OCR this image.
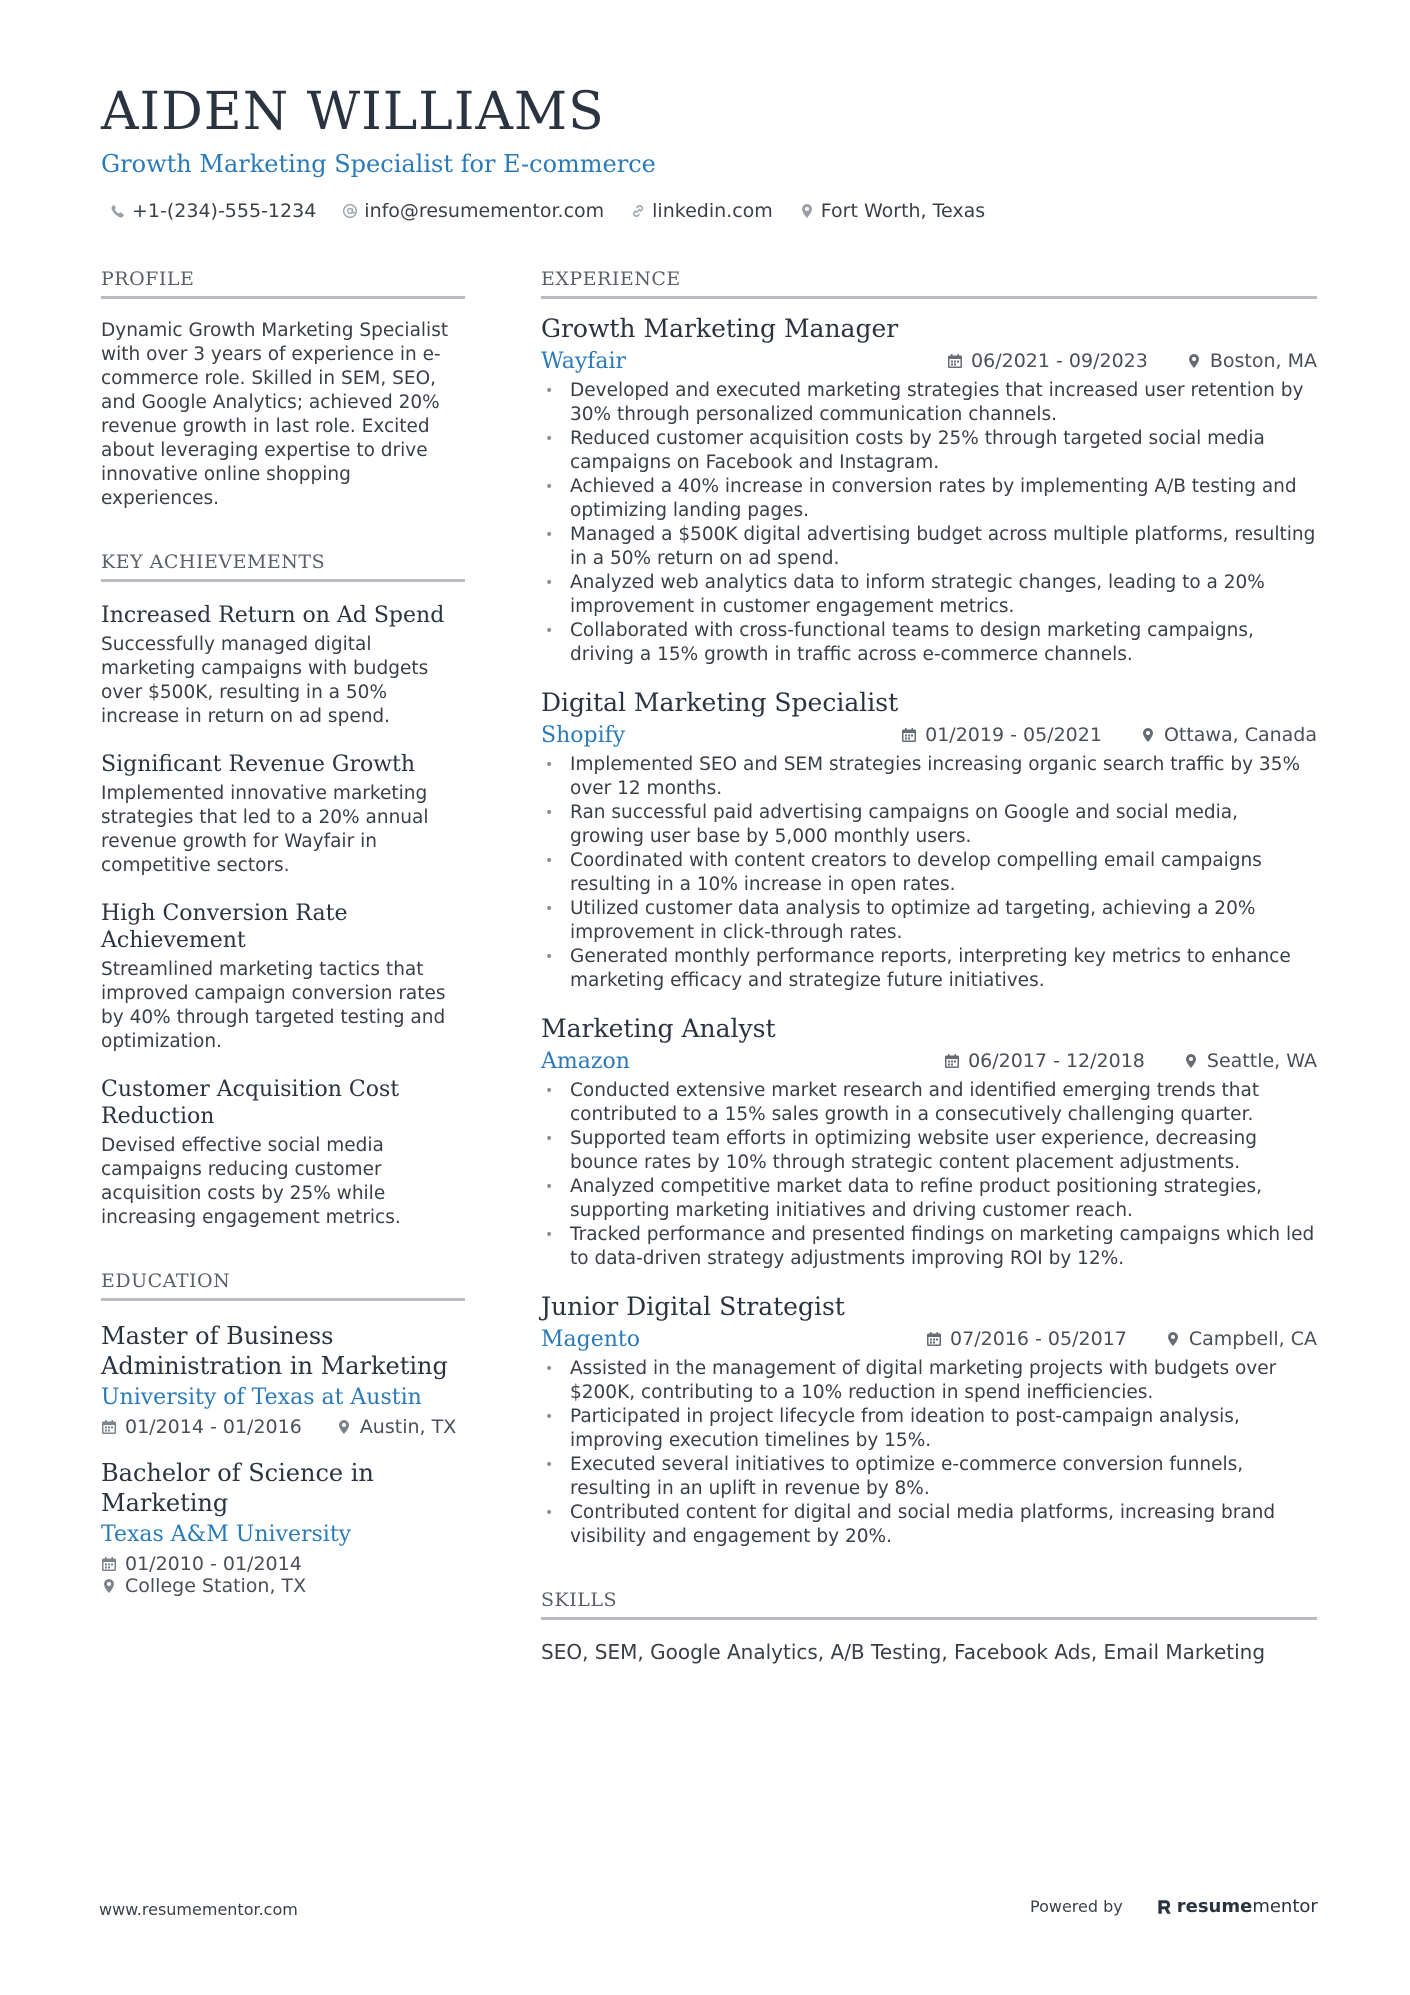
AIDEN WILLIAMS
Growth Marketing Specialist for E-commerce
+1-(234)-555-1234	info@resumementor.com	linkedin.com	Fort Worth, Texas
PROFILE
Dynamic Growth Marketing Specialist with over 3 years of experience in e-commerce role. Skilled in SEM, SEO, and Google Analytics; achieved 20% revenue growth in last role. Excited about leveraging expertise to drive innovative online shopping experiences.
KEY ACHIEVEMENTS
Increased Return on Ad Spend
Successfully managed digital marketing campaigns with budgets over $500K, resulting in a 50% increase in return on ad spend.
Significant Revenue Growth
Implemented innovative marketing strategies that led to a 20% annual revenue growth for Wayfair in competitive sectors.
High Conversion Rate Achievement
Streamlined marketing tactics that improved campaign conversion rates by 40% through targeted testing and optimization.
Customer Acquisition Cost Reduction
Devised effective social media campaigns reducing customer acquisition costs by 25% while increasing engagement metrics.
EDUCATION
Master of Business Administration in Marketing
University of Texas at Austin
01/2014 - 01/2016	Austin, TX
Bachelor of Science in Marketing
Texas A&M University
01/2010 - 01/2014
College Station, TX
EXPERIENCE
Growth Marketing Manager
Wayfair	06/2021 - 09/2023	Boston, MA
• Developed and executed marketing strategies that increased user retention by 30% through personalized communication channels.
• Reduced customer acquisition costs by 25% through targeted social media campaigns on Facebook and Instagram.
• Achieved a 40% increase in conversion rates by implementing A/B testing and optimizing landing pages.
• Managed a $500K digital advertising budget across multiple platforms, resulting in a 50% return on ad spend.
• Analyzed web analytics data to inform strategic changes, leading to a 20% improvement in customer engagement metrics.
• Collaborated with cross-functional teams to design marketing campaigns, driving a 15% growth in traffic across e-commerce channels.
Digital Marketing Specialist
Shopify	01/2019 - 05/2021	Ottawa, Canada
• Implemented SEO and SEM strategies increasing organic search traffic by 35% over 12 months.
• Ran successful paid advertising campaigns on Google and social media, growing user base by 5,000 monthly users.
• Coordinated with content creators to develop compelling email campaigns resulting in a 10% increase in open rates.
• Utilized customer data analysis to optimize ad targeting, achieving a 20% improvement in click-through rates.
• Generated monthly performance reports, interpreting key metrics to enhance marketing efficacy and strategize future initiatives.
Marketing Analyst
Amazon	06/2017 - 12/2018	Seattle, WA
• Conducted extensive market research and identified emerging trends that contributed to a 15% sales growth in a consecutively challenging quarter.
• Supported team efforts in optimizing website user experience, decreasing bounce rates by 10% through strategic content placement adjustments.
• Analyzed competitive market data to refine product positioning strategies, supporting marketing initiatives and driving customer reach.
• Tracked performance and presented findings on marketing campaigns which led to data-driven strategy adjustments improving ROI by 12%.
Junior Digital Strategist
Magento	07/2016 - 05/2017	Campbell, CA
• Assisted in the management of digital marketing projects with budgets over $200K, contributing to a 10% reduction in spend inefficiencies.
• Participated in project lifecycle from ideation to post-campaign analysis, improving execution timelines by 15%.
• Executed several initiatives to optimize e-commerce conversion funnels, resulting in an uplift in revenue by 8%.
• Contributed content for digital and social media platforms, increasing brand visibility and engagement by 20%.
SKILLS
SEO, SEM, Google Analytics, A/B Testing, Facebook Ads, Email Marketing
www.resumementor.com	Powered by	resume mentor
